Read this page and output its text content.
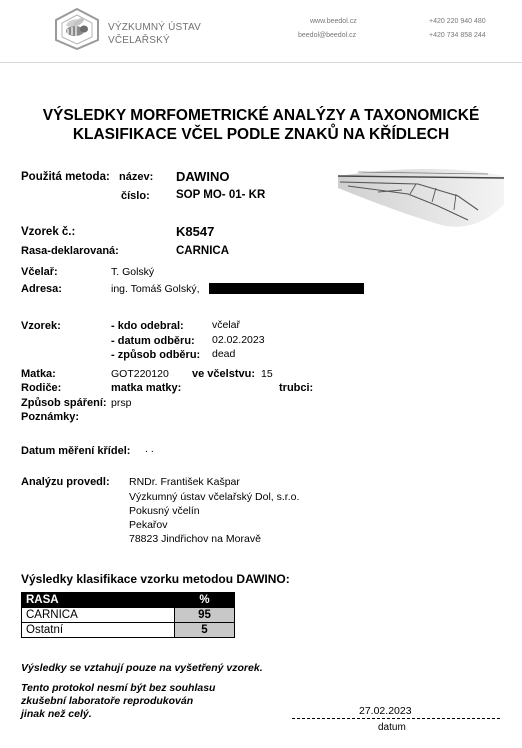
VÝZKUMNÝ ÚSTAV
VČELAŘSKÝ
www.beedol.cz
beedol@beedol.cz
+420 220 940 480
+420 734 858 244
VÝSLEDKY MORFOMETRICKÉ ANALÝZY A TAXONOMICKÉ
KLASIFIKACE VČEL PODLE ZNAKŮ NA KŘÍDLECH
Použitá metoda: název: DAWINO
číslo: SOP MO- 01- KR
Vzorek č.:	K8547
Rasa-deklarovaná:	CARNICA
Včelař:	T. Golský
Adresa:	ing. Tomáš Golský,
Vzorek:	- kdo odebral:	včelař
- datum odběru: 02.02.2023
- způsob odběru: dead
Matka:	GOT220120 ve včelstvu: 15
Rodiče:	matka matky:	trubci:
Způsob spáření: prsp
Poznámky:
Datum měření křídel: . .
Analýzu provedl: RNDr. František Kašpar
Výzkumný ústav včelařský Dol, s.r.o.
Pokusný včelín
Pekařov
78823 Jindřichov na Moravě
Výsledky klasifikace vzorku metodou DAWINO:
RASA	%
CARNICA	95
Ostatní	5
Výsledky se vztahují pouze na vyšetřený vzorek.
Tento protokol nesmí být bez souhlasu
zkušební laboratoře reprodukován
jinak než celý.	27.02.2023
datum
